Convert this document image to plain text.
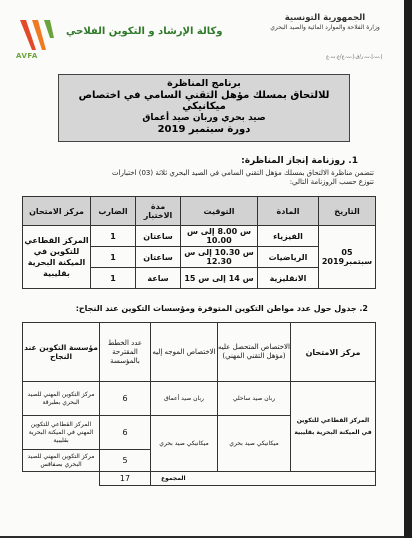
AVFA
وكالة الإرشاد و التكوين الفلاحي
الجمهورية التونسية
وزارة الفلاحة والموارد المائية والصيد البحري
إ.ت.إ.ت.ر/ق.إ.ت.ع/ع.ت.ع
برنامج المناظرة
للالتحاق بمسلك مؤهل التقني السامي في اختصاص ميكانيكي
صيد بحري وربان صيد أعماق
دورة سبتمبر 2019
1. روزنامة إنجاز المناظرة:
تتضمن مناظرة الالتحاق بمسلك مؤهل التقني السامي في الصيد البحري ثلاثة (03) اختبارات
تتوزع حسب الروزنامة التالي:
التاريخ	المادة	التوقيت	مدة الاختبار	الضارب	مركز الامتحان
05 سبتمبر2019	الفيزياء	س 8.00 إلى س 10.00	ساعتان	1	المركز القطاعي للتكوين في الميكنة البحرية بقليبية
	الرياضيات	س 10.30 إلى س 12.30	ساعتان	1	
	الانقليزية	س 14 إلى س 15	ساعة	1	
2. جدول حول عدد مواطن التكوين المتوفرة ومؤسسات التكوين عند النجاح:
مركز الامتحان	الاختصاص المتحصل عليه (مؤهل التقني المهني)	الاختصاص الموجه إليه	عدد الخطط المقترحة بالمؤسسة	مؤسسة التكوين عند النجاح
المركز القطاعي للتكوين في الميكنة البحرية بقليبية	ربان صيد ساحلي	ربان صيد أعماق	6	مركز التكوين المهني للصيد البحري بطبرقة
	ميكانيكي صيد بحري	ميكانيكي صيد بحري	6	المركز القطاعي للتكوين المهني في الميكنة البحرية بقليبية
			5	مركز التكوين المهني للصيد البحري بصفاقس
المجموع			17	
